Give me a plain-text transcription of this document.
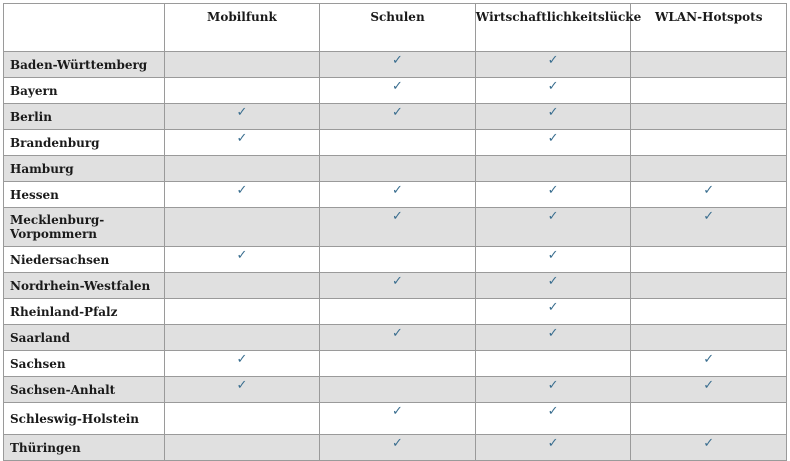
	Mobilfunk	Schulen	Wirtschaftlichkeitslücke	WLAN-Hotspots
Baden-Württemberg		✓	✓	
Bayern		✓	✓	
Berlin	✓	✓	✓	
Brandenburg	✓		✓	
Hamburg				
Hessen	✓	✓	✓	✓
Mecklenburg-
Vorpommern		✓	✓	✓
Niedersachsen	✓		✓	
Nordrhein-Westfalen		✓	✓	
Rheinland-Pfalz			✓	
Saarland		✓	✓	
Sachsen	✓			✓
Sachsen-Anhalt	✓		✓	✓
Schleswig-Holstein		✓	✓	
Thüringen		✓	✓	✓
